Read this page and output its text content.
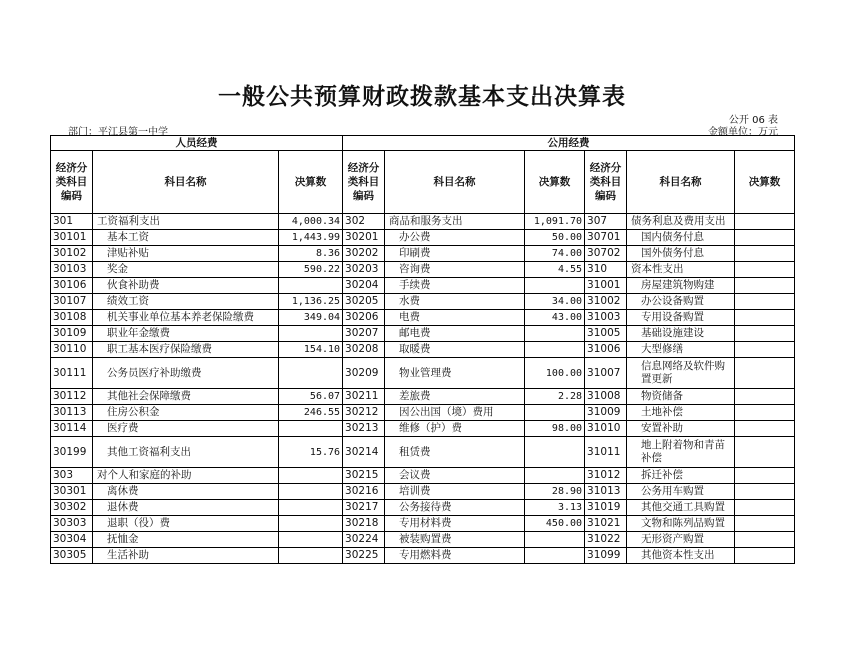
一般公共预算财政拨款基本支出决算表
公开 06 表
部门：平江县第一中学	金额单位：万元
人员经费			公用经费					
经济分类科目编码	科目名称	决算数	经济分类科目编码	科目名称	决算数	经济分类科目编码	科目名称	决算数
301	工资福利支出	4,000.34	302	商品和服务支出	1,091.70	307	债务利息及费用支出	
30101	基本工资	1,443.99	30201	办公费	50.00	30701	国内债务付息	
30102	津贴补贴	8.36	30202	印刷费	74.00	30702	国外债务付息	
30103	奖金	590.22	30203	咨询费	4.55	310	资本性支出	
30106	伙食补助费		30204	手续费		31001	房屋建筑物购建	
30107	绩效工资	1,136.25	30205	水费	34.00	31002	办公设备购置	
30108	机关事业单位基本养老保险缴费	349.04	30206	电费	43.00	31003	专用设备购置	
30109	职业年金缴费		30207	邮电费		31005	基础设施建设	
30110	职工基本医疗保险缴费	154.10	30208	取暖费		31006	大型修缮	
30111	公务员医疗补助缴费		30209	物业管理费	100.00	31007	信息网络及软件购置更新	
30112	其他社会保障缴费	56.07	30211	差旅费	2.28	31008	物资储备	
30113	住房公积金	246.55	30212	因公出国（境）费用		31009	土地补偿	
30114	医疗费		30213	维修（护）费	98.00	31010	安置补助	
30199	其他工资福利支出	15.76	30214	租赁费		31011	地上附着物和青苗补偿	
303	对个人和家庭的补助		30215	会议费		31012	拆迁补偿	
30301	离休费		30216	培训费	28.90	31013	公务用车购置	
30302	退休费		30217	公务接待费	3.13	31019	其他交通工具购置	
30303	退职（役）费		30218	专用材料费	450.00	31021	文物和陈列品购置	
30304	抚恤金		30224	被装购置费		31022	无形资产购置	
30305	生活补助		30225	专用燃料费		31099	其他资本性支出	
